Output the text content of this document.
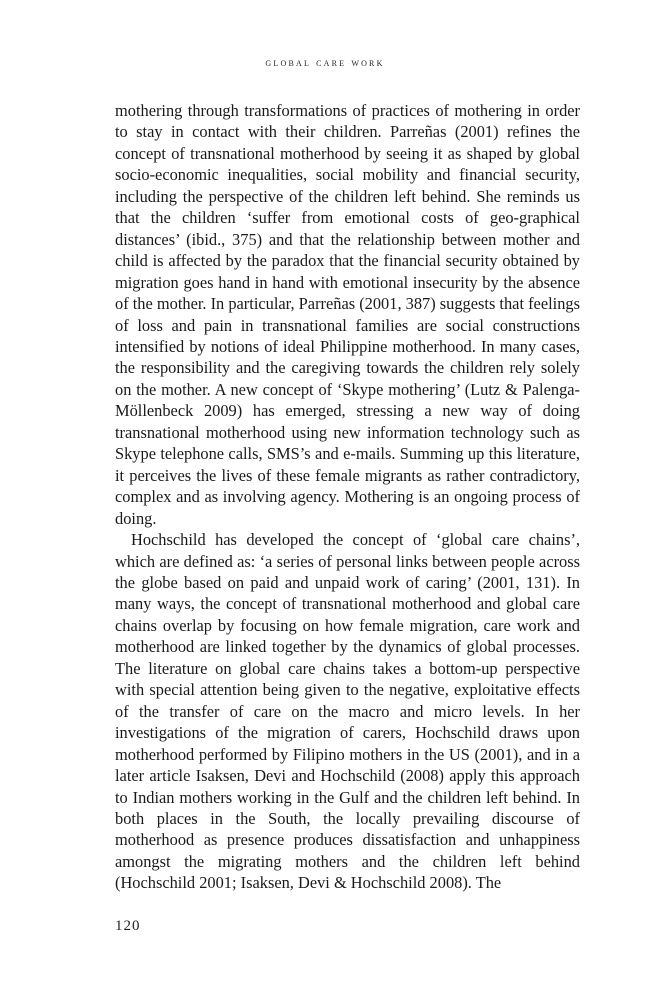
global care work

mothering through transformations of practices of mothering in order to stay in contact with their children. Parreñas (2001) refines the concept of transnational motherhood by seeing it as shaped by global socio-economic inequalities, social mobility and financial security, including the perspective of the children left behind. She reminds us that the children ‘suffer from emotional costs of geo-graphical distances’ (ibid., 375) and that the relationship between mother and child is affected by the paradox that the financial security obtained by migration goes hand in hand with emotional insecurity by the absence of the mother. In particular, Parreñas (2001, 387) suggests that feelings of loss and pain in transnational families are social constructions intensified by notions of ideal Philippine motherhood. In many cases, the responsibility and the caregiving towards the children rely solely on the mother. A new concept of ‘Skype mothering’ (Lutz & Palenga-Möllenbeck 2009) has emerged, stressing a new way of doing transnational motherhood using new information technology such as Skype telephone calls, SMS’s and e-mails. Summing up this literature, it perceives the lives of these female migrants as rather contradictory, complex and as involving agency. Mothering is an ongoing process of doing.

Hochschild has developed the concept of ‘global care chains’, which are defined as: ‘a series of personal links between people across the globe based on paid and unpaid work of caring’ (2001, 131). In many ways, the concept of transnational motherhood and global care chains overlap by focusing on how female migration, care work and motherhood are linked together by the dynamics of global processes. The literature on global care chains takes a bottom-up perspective with special attention being given to the negative, exploitative effects of the transfer of care on the macro and micro levels. In her investigations of the migration of carers, Hochschild draws upon motherhood performed by Filipino mothers in the US (2001), and in a later article Isaksen, Devi and Hochschild (2008) apply this approach to Indian mothers working in the Gulf and the children left behind. In both places in the South, the locally prevailing discourse of motherhood as presence produces dissatisfaction and unhappiness amongst the migrating mothers and the children left behind (Hochschild 2001; Isaksen, Devi & Hochschild 2008). The

120
